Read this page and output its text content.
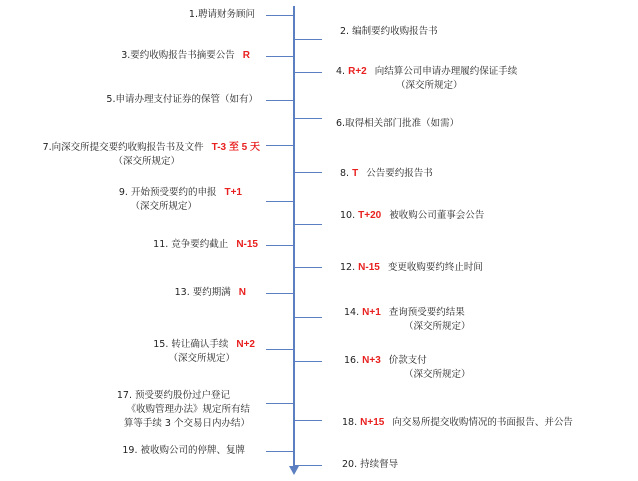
1.聘请财务顾问
3.要约收购报告书摘要公告 R
5.申请办理支付证券的保管（如有）
7.向深交所提交要约收购报告书及文件 T-3 至 5 天
（深交所规定）
9. 开始预受要约的申报 T+1
（深交所规定）
11. 竞争要约截止 N-15
13. 要约期满 N
15. 转让确认手续 N+2
（深交所规定）
17. 预受要约股份过户登记
《收购管理办法》规定所有结
算等手续 3 个交易日内办结）
19. 被收购公司的停牌、复牌
2. 编制要约收购报告书
4. R+2 向结算公司申请办理履约保证手续
（深交所规定）
6.取得相关部门批准（如需）
8. T 公告要约报告书
10. T+20 被收购公司董事会公告
12. N-15 变更收购要约终止时间
14. N+1 查询预受要约结果
（深交所规定）
16. N+3 价款支付
（深交所规定）
18. N+15 向交易所提交收购情况的书面报告、并公告
20. 持续督导
